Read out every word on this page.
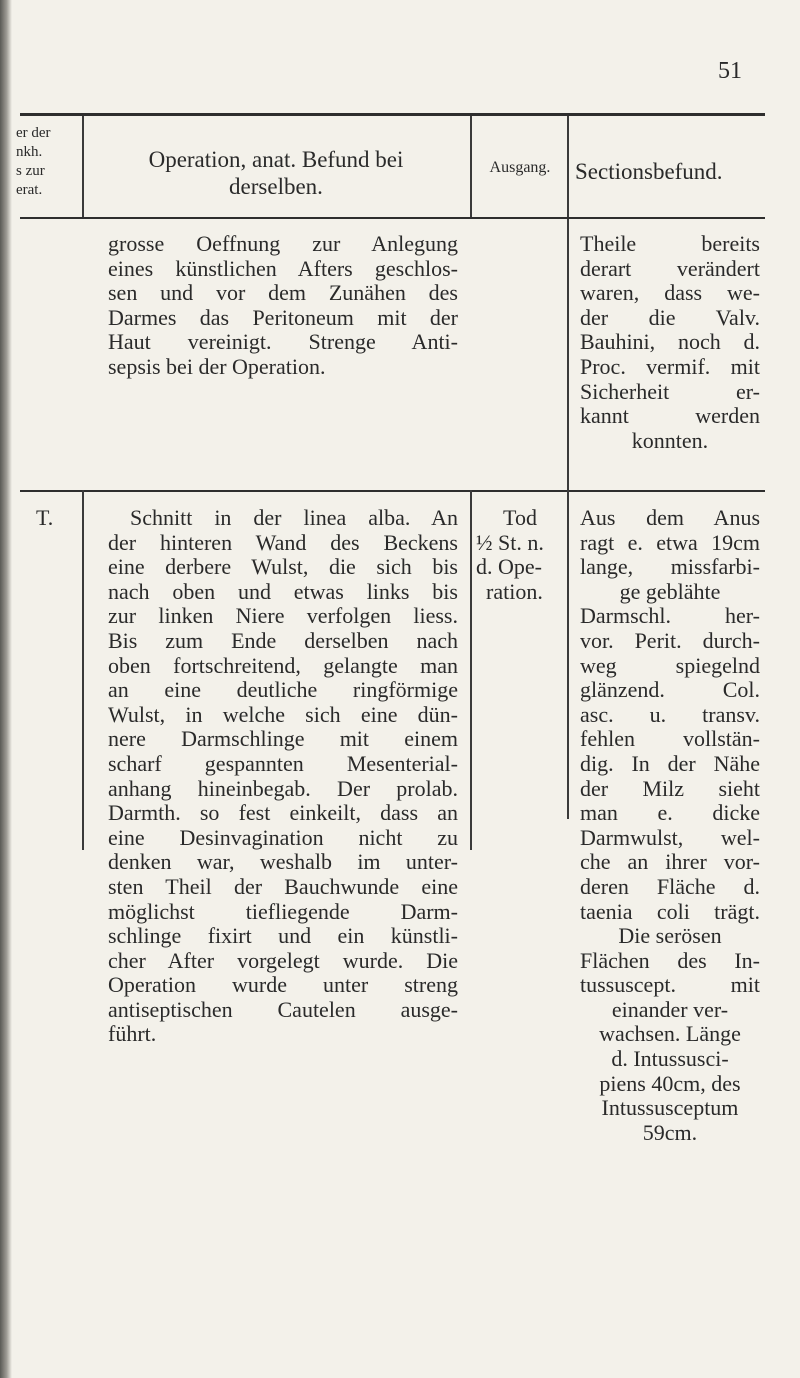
51
er der
nkh.
s zur
erat.
Operation, anat. Befund bei
derselben.
Ausgang.	Sectionsbefund.
grosse Oeffnung zur Anlegung
eines künstlichen Afters geschlos-
sen und vor dem Zunähen des
Darmes das Peritoneum mit der
Haut vereinigt. Strenge Anti-
sepsis bei der Operation.
Theile bereits
derart verändert
waren, dass we-
der die Valv.
Bauhini, noch d.
Proc. vermif. mit
Sicherheit er-
kannt werden
konnten.
T.	Schnitt in der linea alba. An
der hinteren Wand des Beckens
eine derbere Wulst, die sich bis
nach oben und etwas links bis
zur linken Niere verfolgen liess.
Bis zum Ende derselben nach
oben fortschreitend, gelangte man
an eine deutliche ringförmige
Wulst, in welche sich eine dün-
nere Darmschlinge mit einem
scharf gespannten Mesenterial-
anhang hineinbegab. Der prolab.
Darmth. so fest einkeilt, dass an
eine Desinvagination nicht zu
denken war, weshalb im unter-
sten Theil der Bauchwunde eine
möglichst tiefliegende Darm-
schlinge fixirt und ein künstli-
cher After vorgelegt wurde. Die
Operation wurde unter streng
antiseptischen Cautelen ausge-
führt.
Tod
½ St. n.
d. Ope-
ration.
Aus dem Anus
ragt e. etwa 19cm
lange, missfarbi-
ge geblähte
Darmschl. her-
vor. Perit. durch-
weg spiegelnd
glänzend. Col.
asc. u. transv.
fehlen vollstän-
dig. In der Nähe
der Milz sieht
man e. dicke
Darmwulst, wel-
che an ihrer vor-
deren Fläche d.
taenia coli trägt.
Die serösen
Flächen des In-
tussuscept. mit
einander ver-
wachsen. Länge
d. Intussusci-
piens 40cm, des
Intussusceptum
59cm.
